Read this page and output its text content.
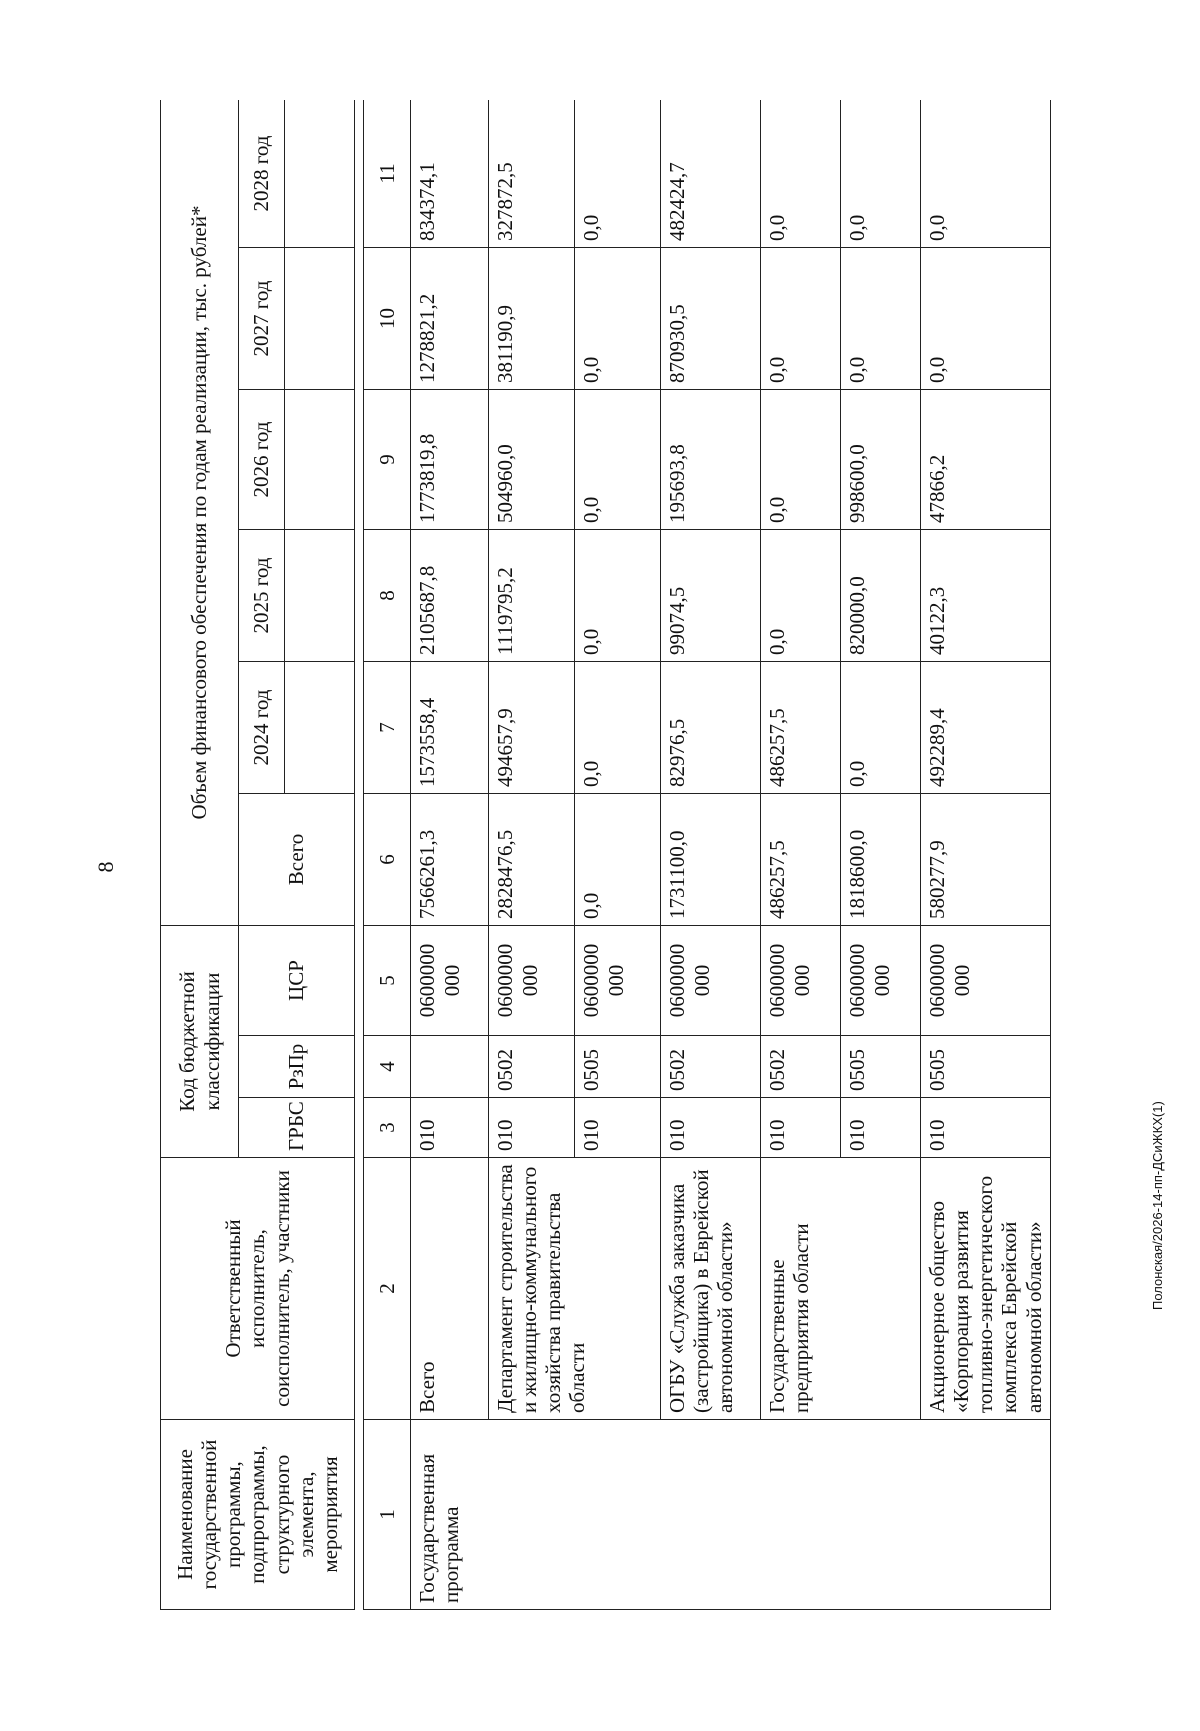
8
Наименование государственной программы, подпрограммы, структурного элемента, мероприятия	Ответственный исполнитель, соисполнитель, участники	Код бюджетной классификации			Объем финансового обеспечения по годам реализации, тыс. рублей*					
		ГРБС	РзПр	ЦСР	Всего	2024 год	2025 год	2026 год	2027 год	2028 год

1	2	3	4	5	6	7	8	9	10	11
Государственная программа	Всего	010		0600000
000	7566261,3	1573558,4	2105687,8	1773819,8	1278821,2	834374,1
	Департамент строительства и жилищно-коммунального хозяйства правительства области	010	0502	0600000
000	2828476,5	494657,9	1119795,2	504960,0	381190,9	327872,5
		010	0505	0600000
000	0,0	0,0	0,0	0,0	0,0	0,0
	ОГБУ «Служба заказчика (застройщика) в Еврейской автономной области»	010	0502	0600000
000	1731100,0	82976,5	99074,5	195693,8	870930,5	482424,7
	Государственные предприятия области	010	0502	0600000
000	486257,5	486257,5	0,0	0,0	0,0	0,0
		010	0505	0600000
000	1818600,0	0,0	820000,0	998600,0	0,0	0,0
	Акционерное общество «Корпорация развития топливно-энергетического комплекса Еврейской автономной области»	010	0505	0600000
000	580277,9	492289,4	40122,3	47866,2	0,0	0,0
Полонская/2026-14-пп-ДСиЖКХ(1)
